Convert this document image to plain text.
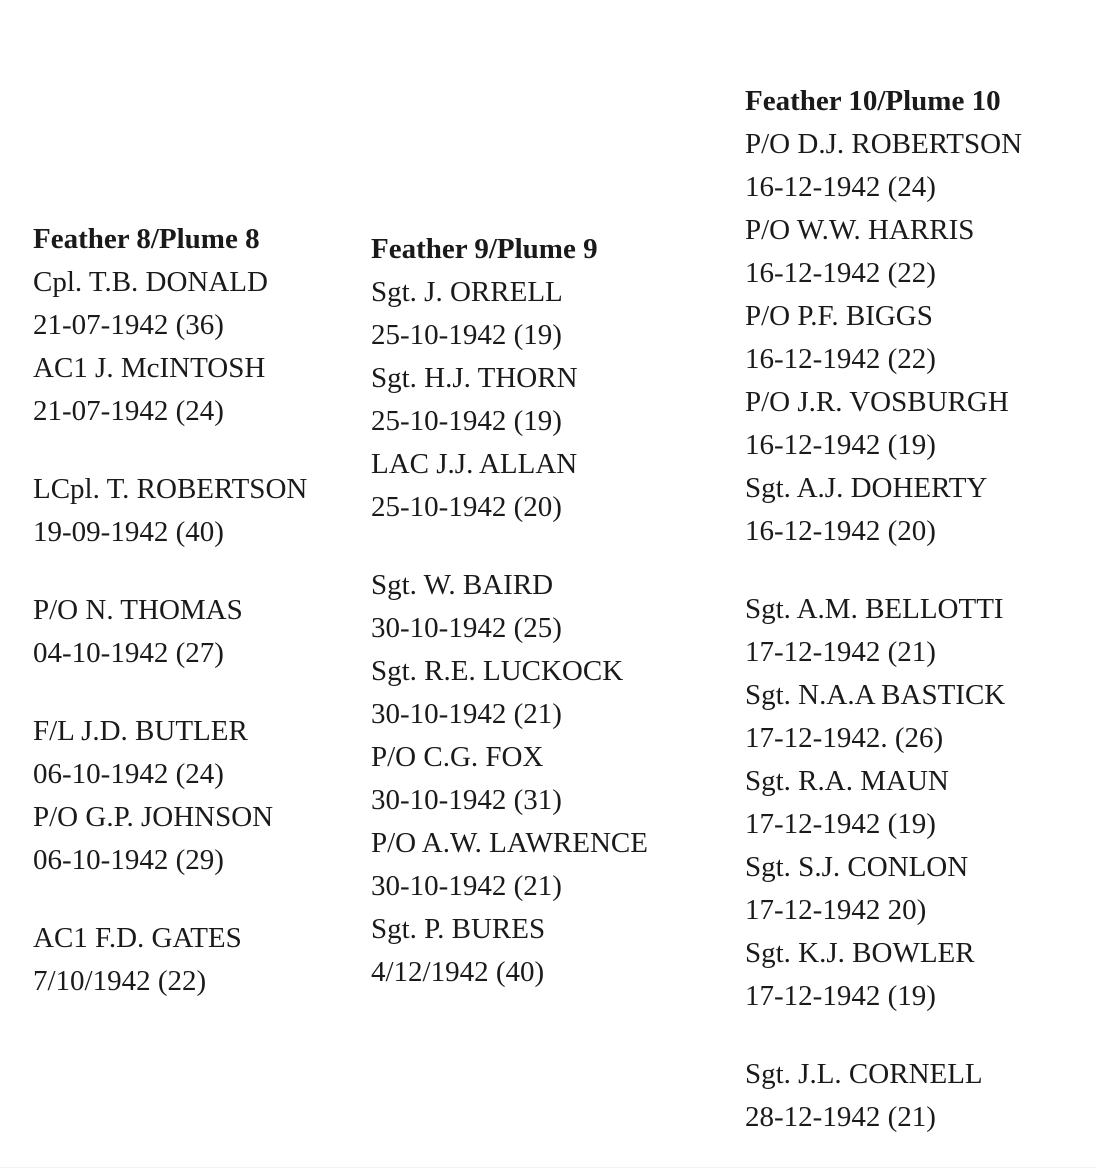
Feather 8/Plume 8

Cpl. T.B. DONALD
21-07-1942 (36)
AC1 J. McINTOSH
21-07-1942 (24)
LCpl. T. ROBERTSON
19-09-1942 (40)
P/O N. THOMAS
04-10-1942 (27)
F/L J.D. BUTLER
06-10-1942 (24)
P/O G.P. JOHNSON
06-10-1942 (29)
AC1 F.D. GATES
7/10/1942 (22)

Feather 9/Plume 9

Sgt. J. ORRELL
25-10-1942 (19)
Sgt. H.J. THORN
25-10-1942 (19)
LAC J.J. ALLAN
25-10-1942 (20)
Sgt. W. BAIRD
30-10-1942 (25)
Sgt. R.E. LUCKOCK
30-10-1942 (21)
P/O C.G. FOX
30-10-1942 (31)
P/O A.W. LAWRENCE
30-10-1942 (21)
Sgt. P. BURES
4/12/1942 (40)

Feather 10/Plume 10

P/O D.J. ROBERTSON
16-12-1942 (24)
P/O W.W. HARRIS
16-12-1942 (22)
P/O P.F. BIGGS
16-12-1942 (22)
P/O J.R. VOSBURGH
16-12-1942 (19)
Sgt. A.J. DOHERTY
16-12-1942 (20)
Sgt. A.M. BELLOTTI
17-12-1942 (21)
Sgt. N.A.A BASTICK
17-12-1942. (26)
Sgt. R.A. MAUN
17-12-1942 (19)
Sgt. S.J. CONLON
17-12-1942 20)
Sgt. K.J. BOWLER
17-12-1942 (19)
Sgt. J.L. CORNELL
28-12-1942 (21)
